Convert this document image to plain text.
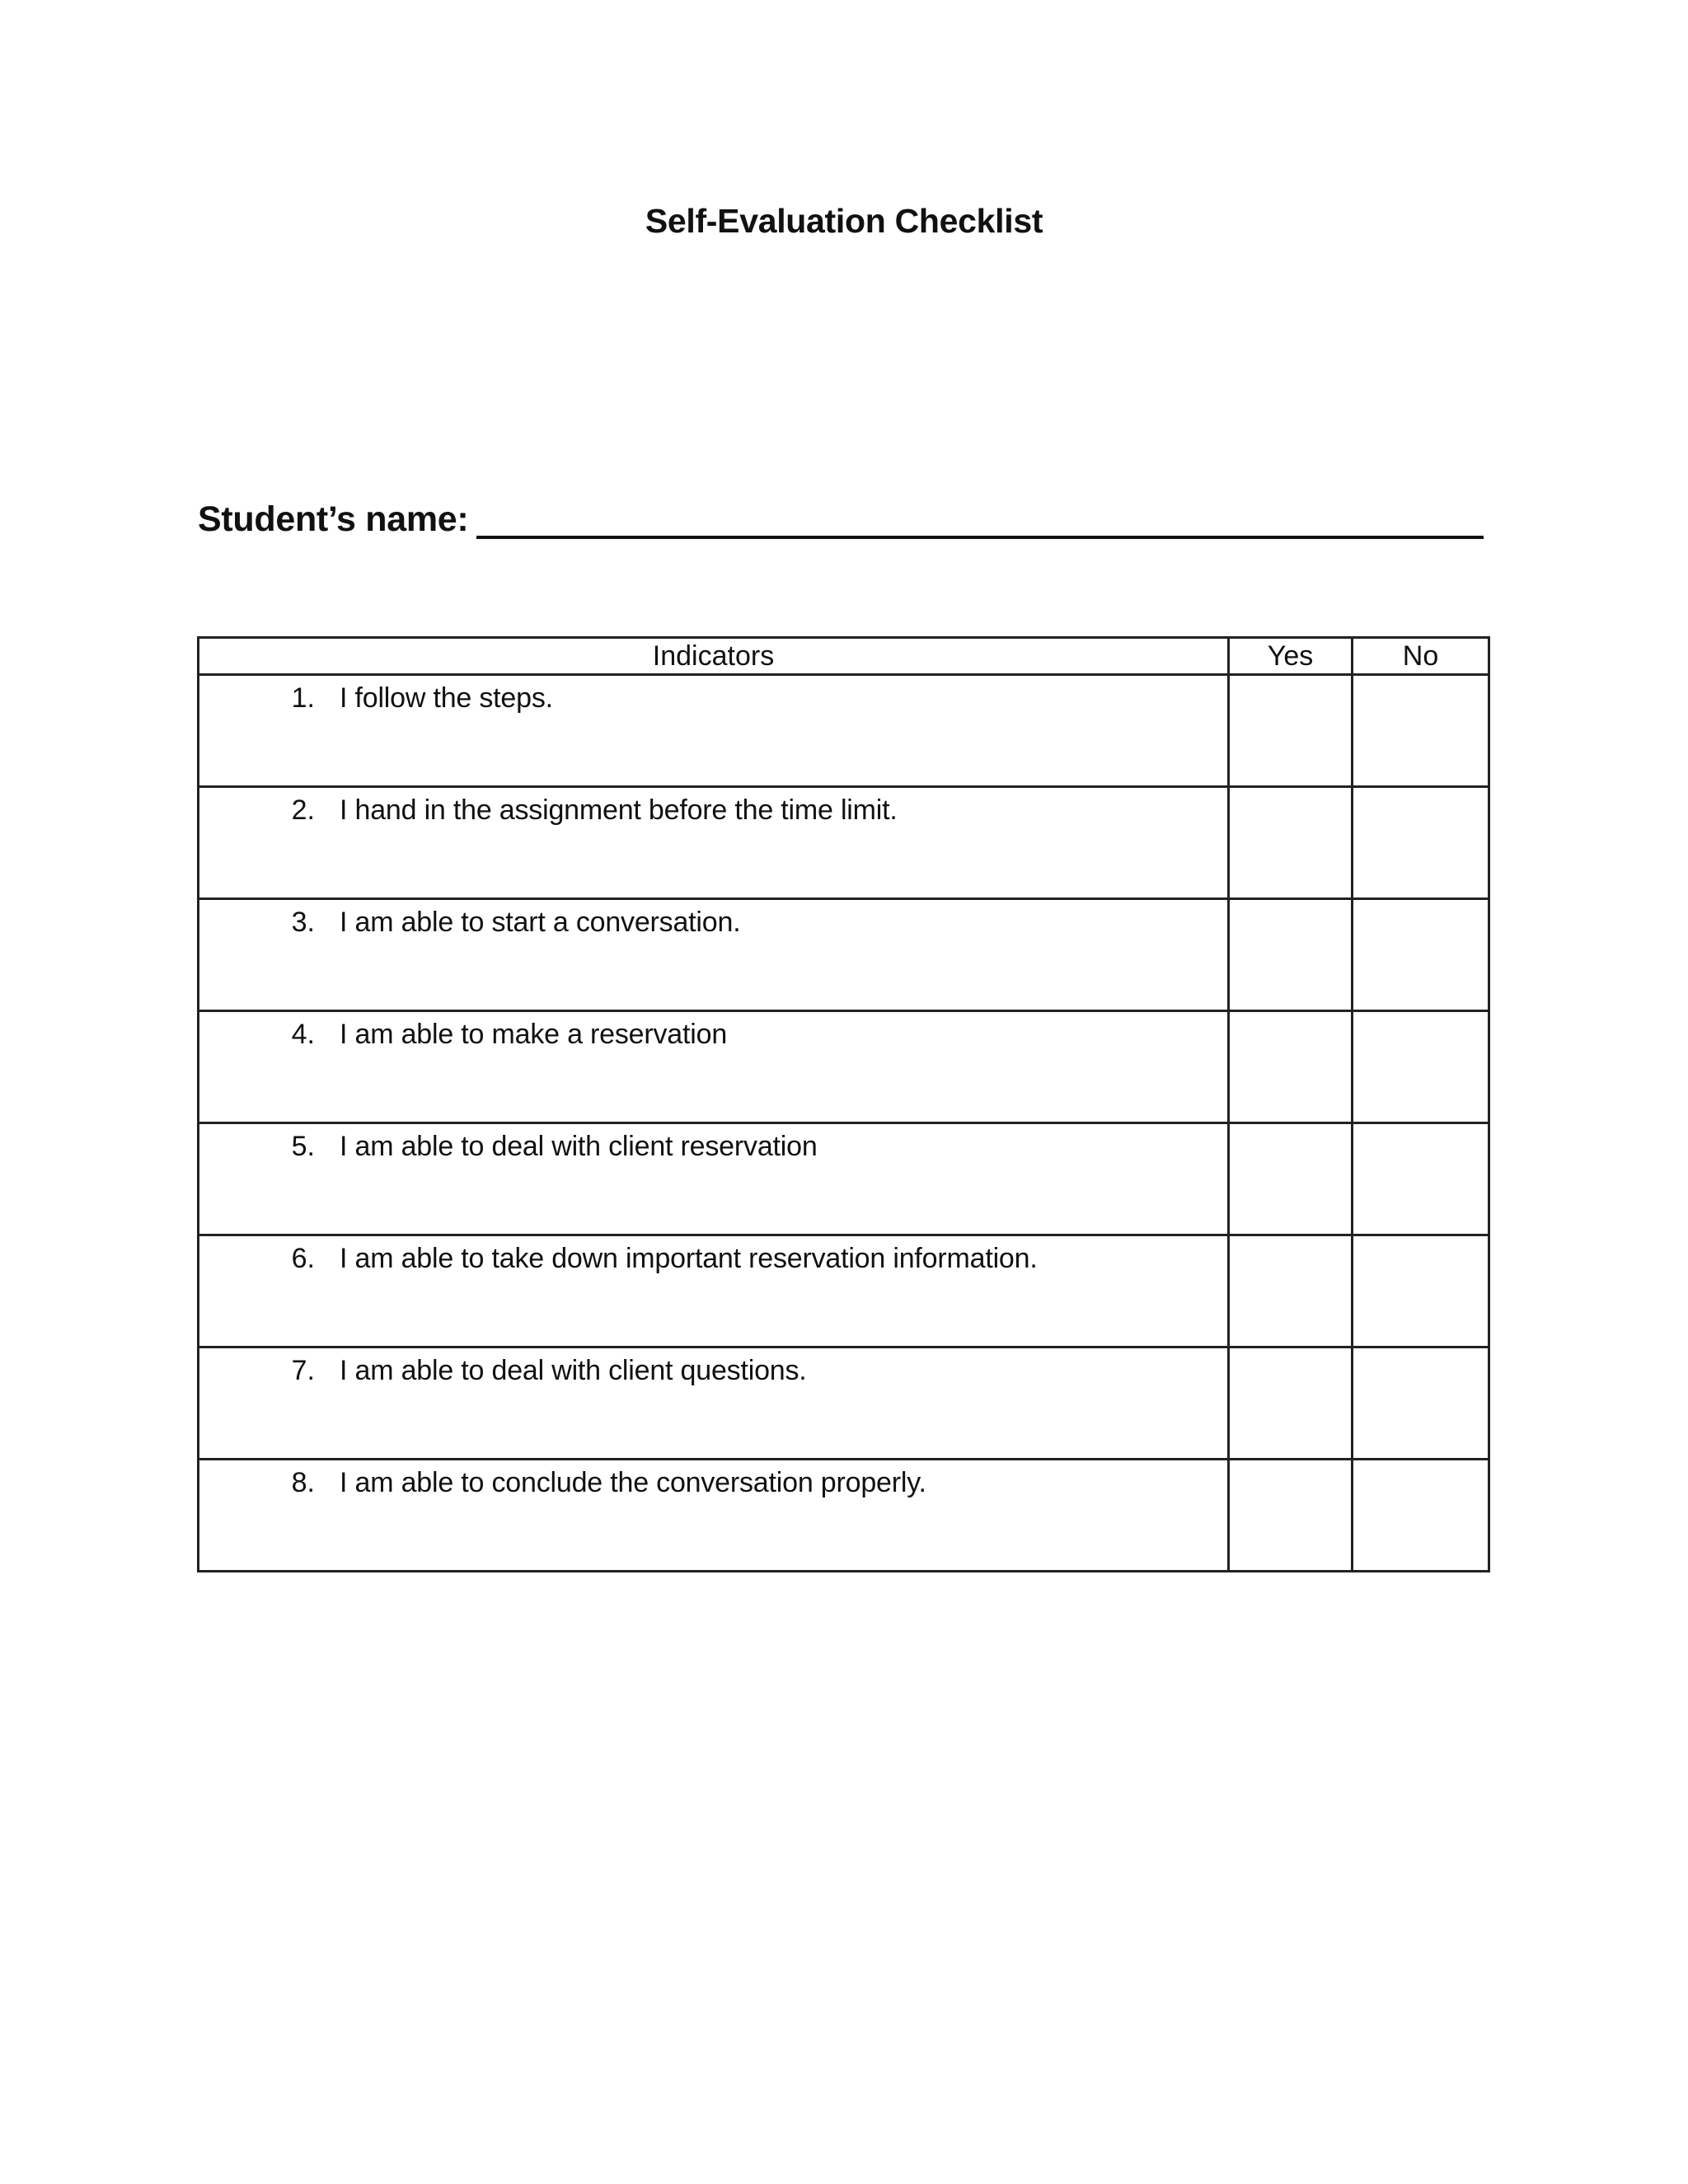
Self-Evaluation Checklist
Student’s name:
Indicators	Yes	No

1. I follow the steps.		

2. I hand in the assignment before the time limit.		

3. I am able to start a conversation.		

4. I am able to make a reservation		

5. I am able to deal with client reservation		

6. I am able to take down important reservation information.		

7. I am able to deal with client questions.		

8. I am able to conclude the conversation properly.		
